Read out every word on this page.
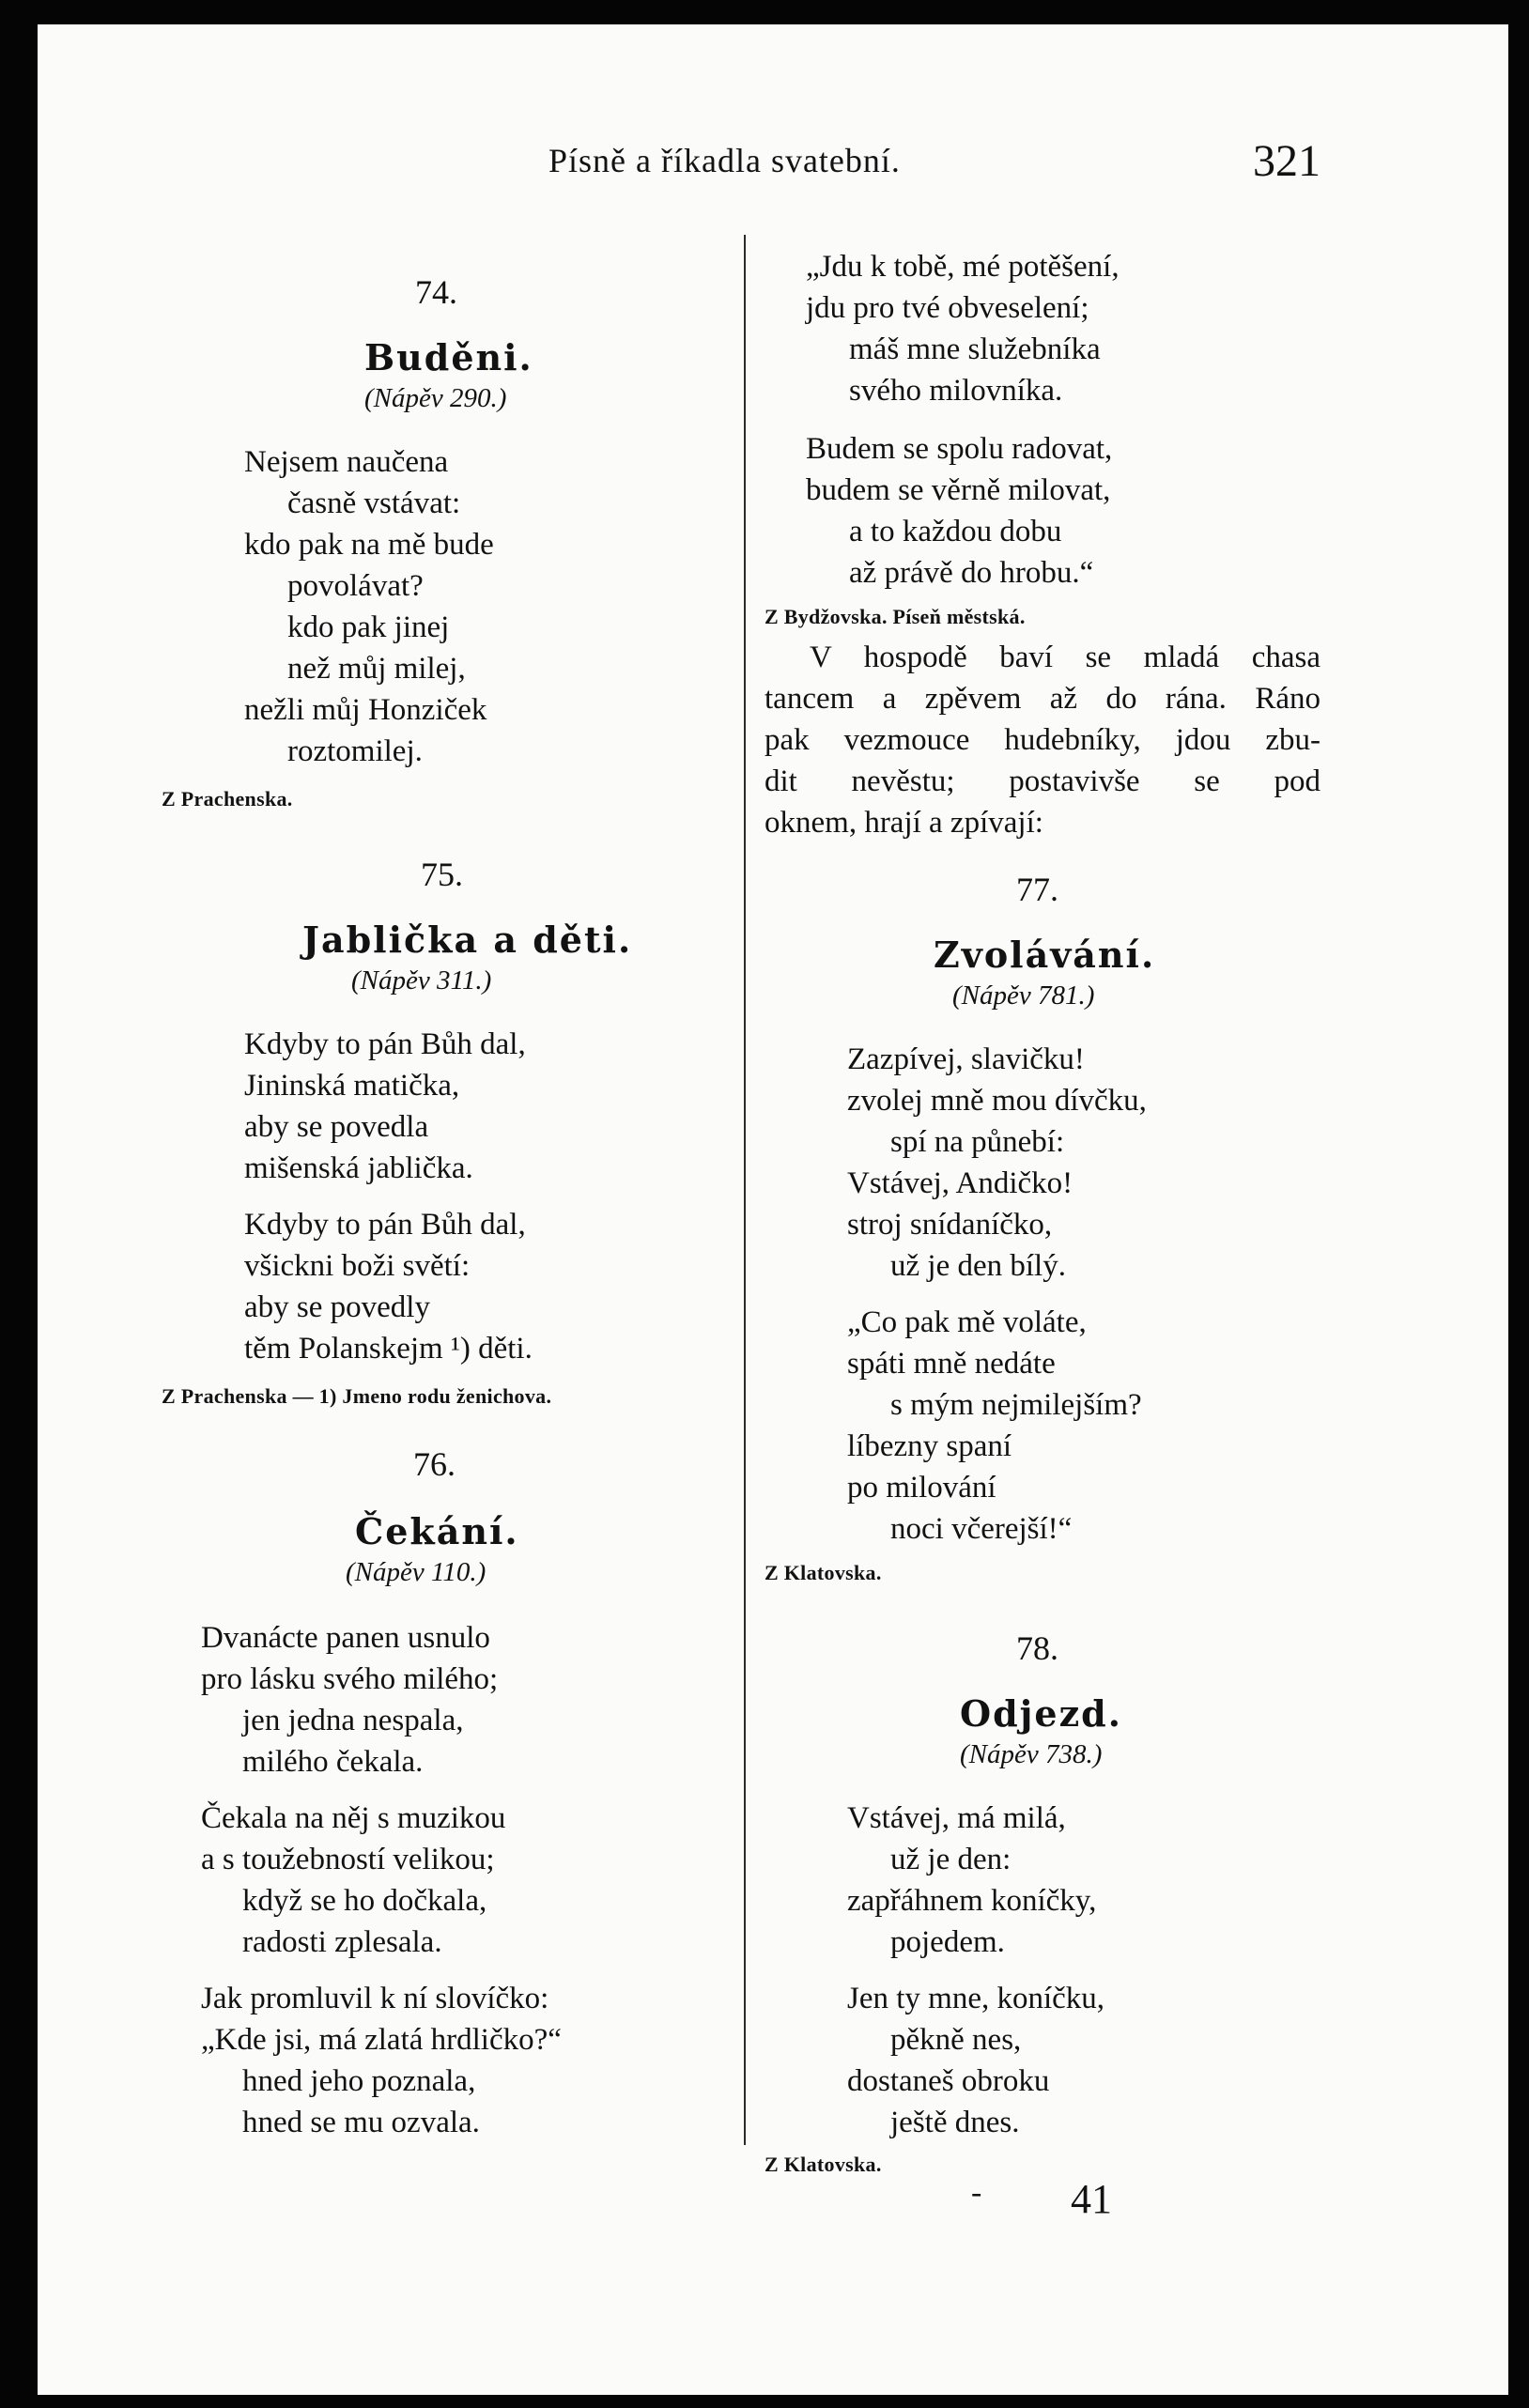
Písně a říkadla svatební.	321
74.
Buděni.
(Nápěv 290.)
Nejsem naučena
časně vstávat:
kdo pak na mě bude
povolávat?
kdo pak jinej
než můj milej,
nežli můj Honziček
roztomilej.
Z Prachenska.
75.
Jablička a děti.
(Nápěv 311.)
Kdyby to pán Bůh dal,
Jininská matička,
aby se povedla
mišenská jablička.
Kdyby to pán Bůh dal,
všickni boži světí:
aby se povedly
těm Polanskejm ¹) děti.
Z Prachenska — 1) Jmeno rodu ženichova.
76.
Čekání.
(Nápěv 110.)
Dvanácte panen usnulo
pro lásku svého milého;
jen jedna nespala,
milého čekala.
Čekala na něj s muzikou
a s toužebností velikou;
když se ho dočkala,
radosti zplesala.
Jak promluvil k ní slovíčko:
„Kde jsi, má zlatá hrdličko?“
hned jeho poznala,
hned se mu ozvala.
„Jdu k tobě, mé potěšení,
jdu pro tvé obveselení;
máš mne služebníka
svého milovníka.
Budem se spolu radovat,
budem se věrně milovat,
a to každou dobu
až právě do hrobu.“
Z Bydžovska. Píseň městská.
V hospodě baví se mladá chasa
tancem a zpěvem až do rána. Ráno
pak vezmouce hudebníky, jdou zbu-
dit nevěstu; postavivše se pod
oknem, hrají a zpívají:
77.
Zvolávání.
(Nápěv 781.)
Zazpívej, slavičku!
zvolej mně mou dívčku,
spí na půnebí:
Vstávej, Andičko!
stroj snídaníčko,
už je den bílý.
„Co pak mě voláte,
spáti mně nedáte
s mým nejmilejším?
líbezny spaní
po milování
noci včerejší!“
Z Klatovska.
78.
Odjezd.
(Nápěv 738.)
Vstávej, má milá,
už je den:
zapřáhnem koníčky,
pojedem.
Jen ty mne, koníčku,
pěkně nes,
dostaneš obroku
ještě dnes.
Z Klatovska.
- 41
